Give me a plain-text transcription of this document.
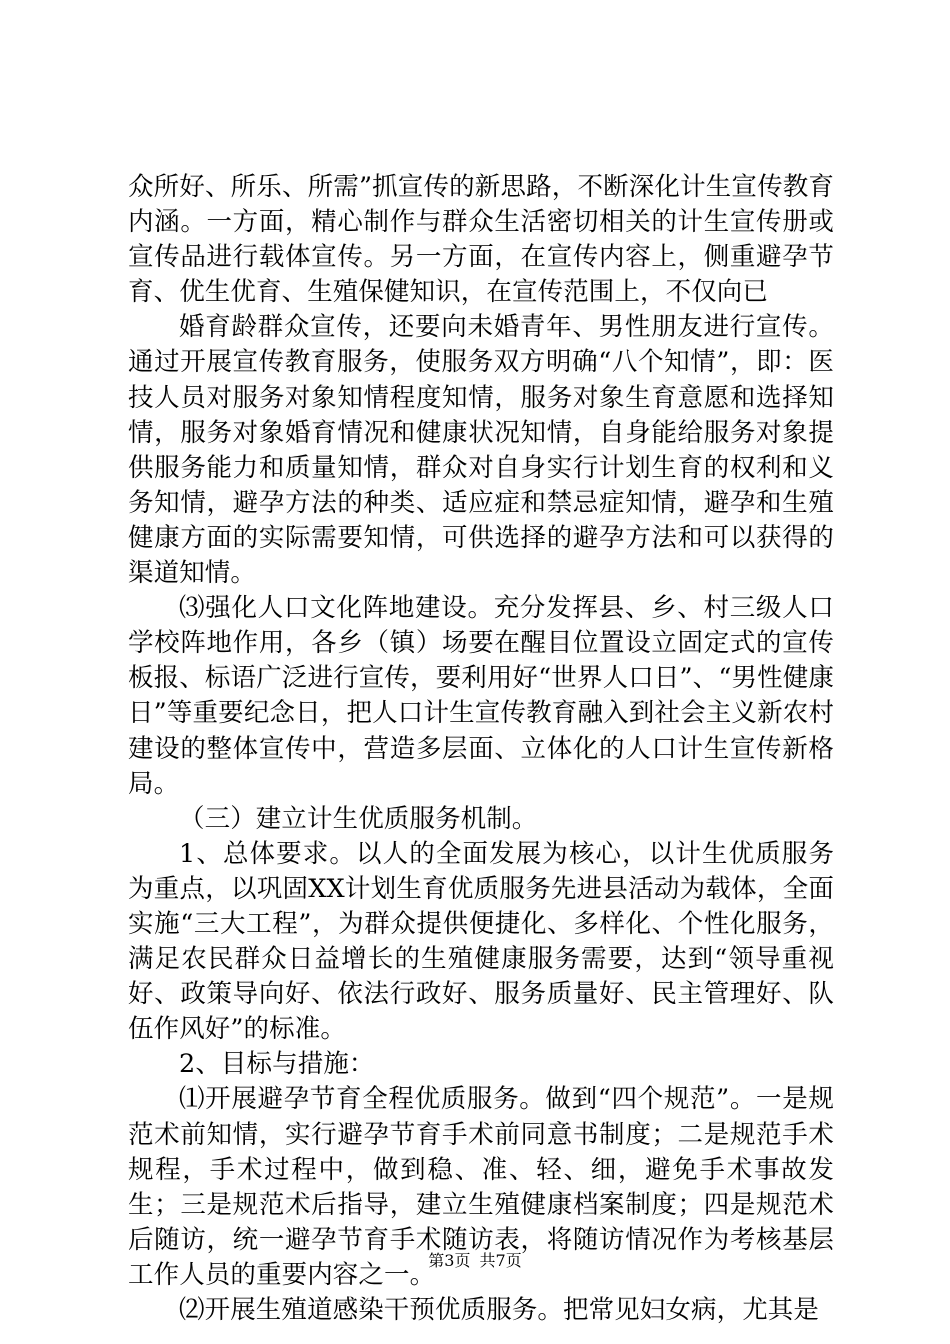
众所好、所乐、所需”抓宣传的新思路，不断深化计生宣传教育内涵。一方面，精心制作与群众生活密切相关的计生宣传册或宣传品进行载体宣传。另一方面，在宣传内容上，侧重避孕节育、优生优育、生殖保健知识，在宣传范围上，不仅向已

婚育龄群众宣传，还要向未婚青年、男性朋友进行宣传。通过开展宣传教育服务，使服务双方明确“八个知情”，即：医技人员对服务对象知情程度知情，服务对象生育意愿和选择知情，服务对象婚育情况和健康状况知情，自身能给服务对象提供服务能力和质量知情，群众对自身实行计划生育的权利和义务知情，避孕方法的种类、适应症和禁忌症知情，避孕和生殖健康方面的实际需要知情，可供选择的避孕方法和可以获得的渠道知情。

⑶强化人口文化阵地建设。充分发挥县、乡、村三级人口学校阵地作用，各乡（镇）场要在醒目位置设立固定式的宣传板报、标语广泛进行宣传，要利用好“世界人口日”、“男性健康日”等重要纪念日，把人口计生宣传教育融入到社会主义新农村建设的整体宣传中，营造多层面、立体化的人口计生宣传新格局。

（三）建立计生优质服务机制。

1、总体要求。以人的全面发展为核心，以计生优质服务为重点，以巩固XX计划生育优质服务先进县活动为载体，全面实施“三大工程”，为群众提供便捷化、多样化、个性化服务，满足农民群众日益增长的生殖健康服务需要，达到“领导重视好、政策导向好、依法行政好、服务质量好、民主管理好、队伍作风好”的标准。

2、目标与措施：

⑴开展避孕节育全程优质服务。做到“四个规范”。一是规范术前知情，实行避孕节育手术前同意书制度；二是规范手术规程，手术过程中，做到稳、准、轻、细，避免手术事故发生；三是规范术后指导，建立生殖健康档案制度；四是规范术后随访，统一避孕节育手术随访表，将随访情况作为考核基层工作人员的重要内容之一。

⑵开展生殖道感染干预优质服务。把常见妇女病，尤其是

第3页 共7页
